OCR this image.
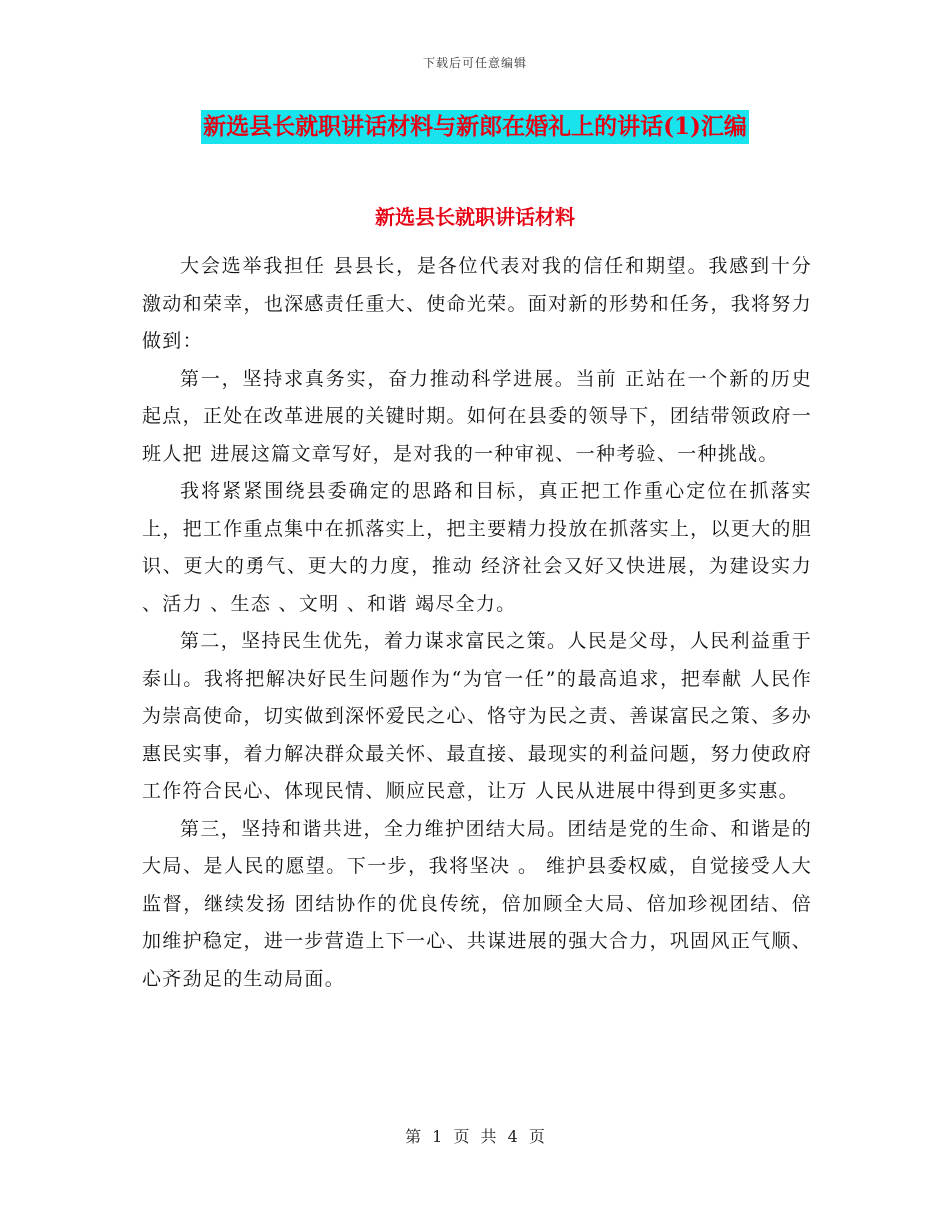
下载后可任意编辑
新选县长就职讲话材料与新郎在婚礼上的讲话(1)汇编
新选县长就职讲话材料

大会选举我担任 县县长，是各位代表对我的信任和期望。我感到十分激动和荣幸，也深感责任重大、使命光荣。面对新的形势和任务，我将努力做到：

第一，坚持求真务实，奋力推动科学进展。当前 正站在一个新的历史起点，正处在改革进展的关键时期。如何在县委的领导下，团结带领政府一班人把 进展这篇文章写好，是对我的一种审视、一种考验、一种挑战。

我将紧紧围绕县委确定的思路和目标，真正把工作重心定位在抓落实上，把工作重点集中在抓落实上，把主要精力投放在抓落实上，以更大的胆识、更大的勇气、更大的力度，推动 经济社会又好又快进展，为建设实力 、活力 、生态 、文明 、和谐 竭尽全力。

第二，坚持民生优先，着力谋求富民之策。人民是父母，人民利益重于泰山。我将把解决好民生问题作为“为官一任”的最高追求，把奉献 人民作为崇高使命，切实做到深怀爱民之心、恪守为民之责、善谋富民之策、多办惠民实事，着力解决群众最关怀、最直接、最现实的利益问题，努力使政府工作符合民心、体现民情、顺应民意，让万 人民从进展中得到更多实惠。

第三，坚持和谐共进，全力维护团结大局。团结是党的生命、和谐是的大局、是人民的愿望。下一步，我将坚决 。 维护县委权威，自觉接受人大监督，继续发扬 团结协作的优良传统，倍加顾全大局、倍加珍视团结、倍加维护稳定，进一步营造上下一心、共谋进展的强大合力，巩固风正气顺、心齐劲足的生动局面。

第 1 页 共 4 页
